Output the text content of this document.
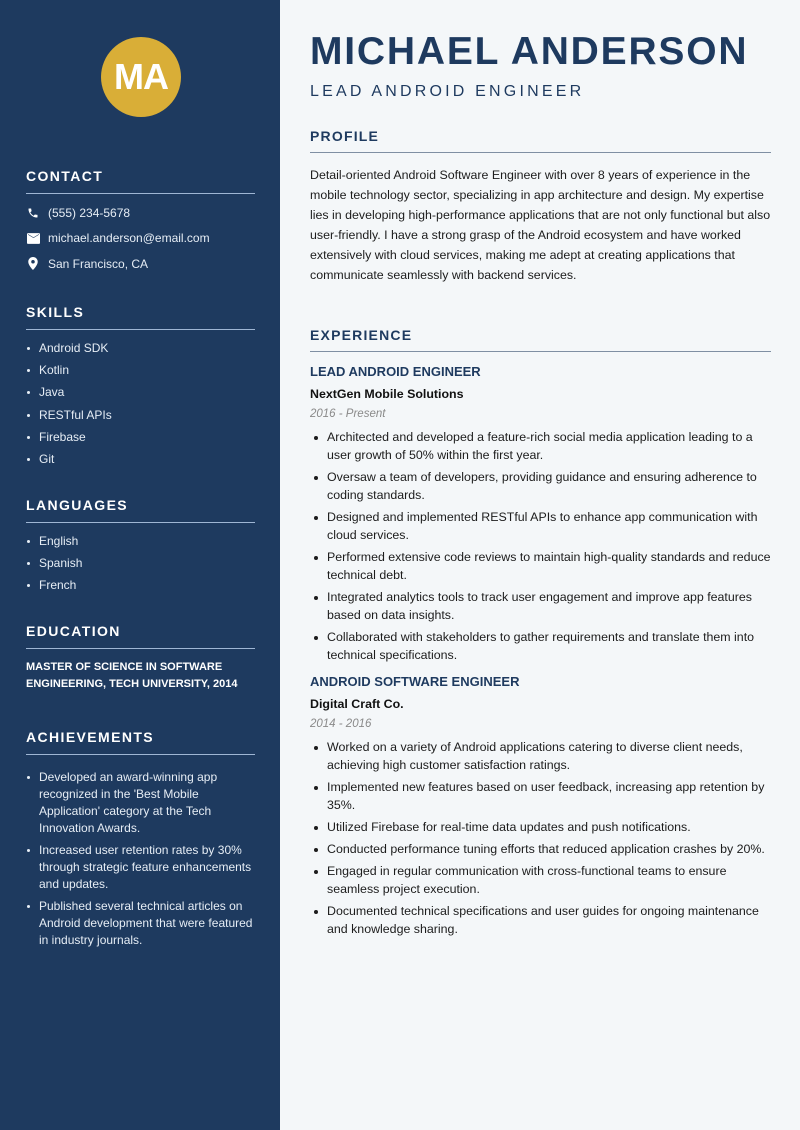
MA
CONTACT
(555) 234-5678
michael.anderson@email.com
San Francisco, CA
SKILLS
Android SDK
Kotlin
Java
RESTful APIs
Firebase
Git
LANGUAGES
English
Spanish
French
EDUCATION

MASTER OF SCIENCE IN SOFTWARE ENGINEERING, TECH UNIVERSITY, 2014

ACHIEVEMENTS
Developed an award-winning app recognized in the 'Best Mobile Application' category at the Tech Innovation Awards.
Increased user retention rates by 30% through strategic feature enhancements and updates.
Published several technical articles on Android development that were featured in industry journals.
MICHAEL ANDERSON
LEAD ANDROID ENGINEER
PROFILE

Detail-oriented Android Software Engineer with over 8 years of experience in the mobile technology sector, specializing in app architecture and design. My expertise lies in developing high-performance applications that are not only functional but also user-friendly. I have a strong grasp of the Android ecosystem and have worked extensively with cloud services, making me adept at creating applications that communicate seamlessly with backend services.

EXPERIENCE
LEAD ANDROID ENGINEER
NextGen Mobile Solutions
2016 - Present
Architected and developed a feature-rich social media application leading to a user growth of 50% within the first year.
Oversaw a team of developers, providing guidance and ensuring adherence to coding standards.
Designed and implemented RESTful APIs to enhance app communication with cloud services.
Performed extensive code reviews to maintain high-quality standards and reduce technical debt.
Integrated analytics tools to track user engagement and improve app features based on data insights.
Collaborated with stakeholders to gather requirements and translate them into technical specifications.
ANDROID SOFTWARE ENGINEER
Digital Craft Co.
2014 - 2016
Worked on a variety of Android applications catering to diverse client needs, achieving high customer satisfaction ratings.
Implemented new features based on user feedback, increasing app retention by 35%.
Utilized Firebase for real-time data updates and push notifications.
Conducted performance tuning efforts that reduced application crashes by 20%.
Engaged in regular communication with cross-functional teams to ensure seamless project execution.
Documented technical specifications and user guides for ongoing maintenance and knowledge sharing.
